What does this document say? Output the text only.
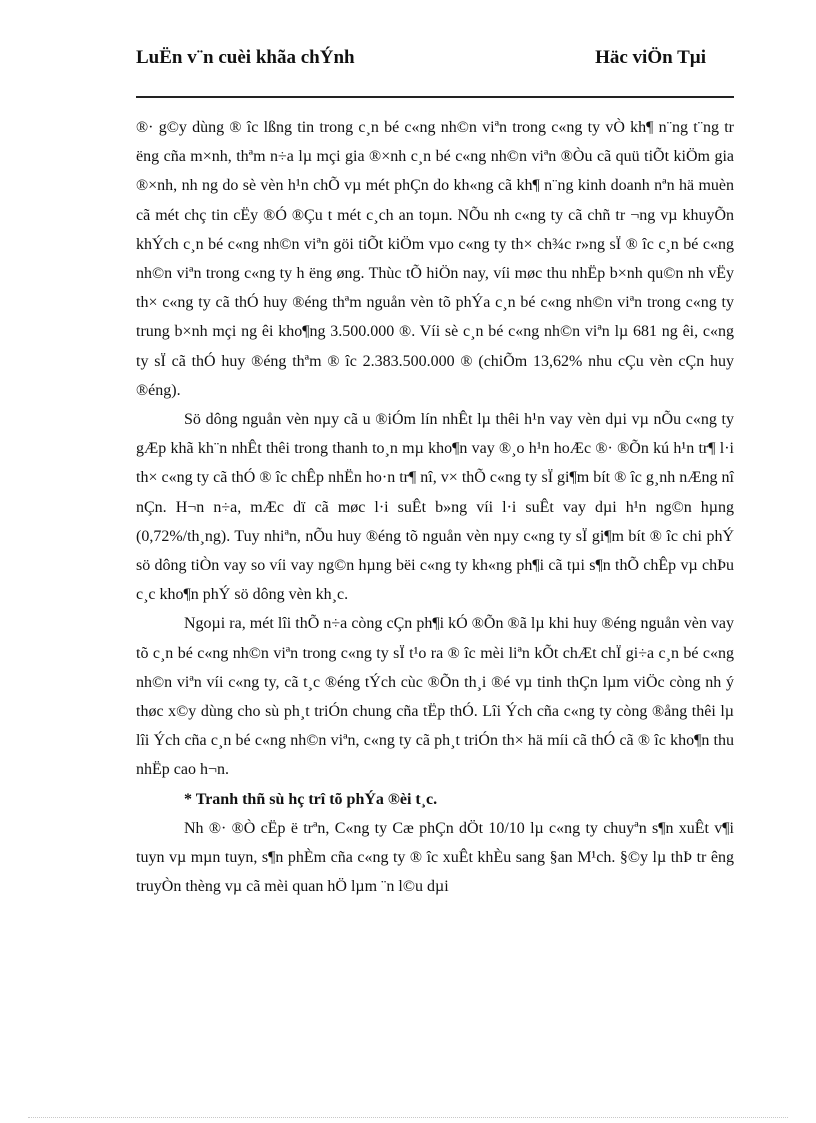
LuËn v¨n cuèi khãa chÝnh	Häc viÖn Tµi

®· g©y dùng ® îc lßng tin trong c¸n bé c«ng nh©n viªn trong c«ng ty vÒ kh¶ n¨ng t¨ng tr ëng cña m×nh, thªm n÷a lµ mçi gia ®×nh c¸n bé c«ng nh©n viªn ®Òu cã quü tiÕt kiÖm gia ®×nh, nh ng do sè vèn h¹n chÕ vµ mét phÇn do kh«ng cã kh¶ n¨ng kinh doanh nªn hä muèn cã mét chç tin cËy ®Ó ®Çu t mét c¸ch an toµn. NÕu nh c«ng ty cã chñ tr ¬ng vµ khuyÕn khÝch c¸n bé c«ng nh©n viªn göi tiÕt kiÖm vµo c«ng ty th× ch¾c r»ng sÏ ® îc c¸n bé c«ng nh©n viªn trong c«ng ty h ëng øng. Thùc tÕ hiÖn nay, víi møc thu nhËp b×nh qu©n nh vËy th× c«ng ty cã thÓ huy ®éng thªm nguån vèn tõ phÝa c¸n bé c«ng nh©n viªn trong c«ng ty trung b×nh mçi ng êi kho¶ng 3.500.000 ®. Víi sè c¸n bé c«ng nh©n viªn lµ 681 ng êi, c«ng ty sÏ cã thÓ huy ®éng thªm ® îc 2.383.500.000 ® (chiÕm 13,62% nhu cÇu vèn cÇn huy ®éng).

Sö dông nguån vèn nµy cã u ®iÓm lín nhÊt lµ thêi h¹n vay vèn dµi vµ nÕu c«ng ty gÆp khã kh¨n nhÊt thêi trong thanh to¸n mµ kho¶n vay ®¸o h¹n hoÆc ®· ®Õn kú h¹n tr¶ l·i th× c«ng ty cã thÓ ® îc chÊp nhËn ho·n tr¶ nî, v× thÕ c«ng ty sÏ gi¶m bít ® îc g¸nh nÆng nî nÇn. H¬n n÷a, mÆc dï cã møc l·i suÊt b»ng víi l·i suÊt vay dµi h¹n ng©n hµng (0,72%/th¸ng). Tuy nhiªn, nÕu huy ®éng tõ nguån vèn nµy c«ng ty sÏ gi¶m bít ® îc chi phÝ sö dông tiÒn vay so víi vay ng©n hµng bëi c«ng ty kh«ng ph¶i cã tµi s¶n thÕ chÊp vµ chÞu c¸c kho¶n phÝ sö dông vèn kh¸c.

Ngoµi ra, mét lîi thÕ n÷a còng cÇn ph¶i kÓ ®Õn ®ã lµ khi huy ®éng nguån vèn vay tõ c¸n bé c«ng nh©n viªn trong c«ng ty sÏ t¹o ra ® îc mèi liªn kÕt chÆt chÏ gi÷a c¸n bé c«ng nh©n viªn víi c«ng ty, cã t¸c ®éng tÝch cùc ®Õn th¸i ®é vµ tinh thÇn lµm viÖc còng nh ý thøc x©y dùng cho sù ph¸t triÓn chung cña tËp thÓ. Lîi Ých cña c«ng ty còng ®ång thêi lµ lîi Ých cña c¸n bé c«ng nh©n viªn, c«ng ty cã ph¸t triÓn th× hä míi cã thÓ cã ® îc kho¶n thu nhËp cao h¬n.

* Tranh thñ sù hç trî tõ phÝa ®èi t¸c.

Nh ®· ®Ò cËp ë trªn, C«ng ty Cæ phÇn dÖt 10/10 lµ c«ng ty chuyªn s¶n xuÊt v¶i tuyn vµ mµn tuyn, s¶n phÈm cña c«ng ty ® îc xuÊt khÈu sang §an M¹ch. §©y lµ thÞ tr êng truyÒn thèng vµ cã mèi quan hÖ lµm ¨n l©u dµi
